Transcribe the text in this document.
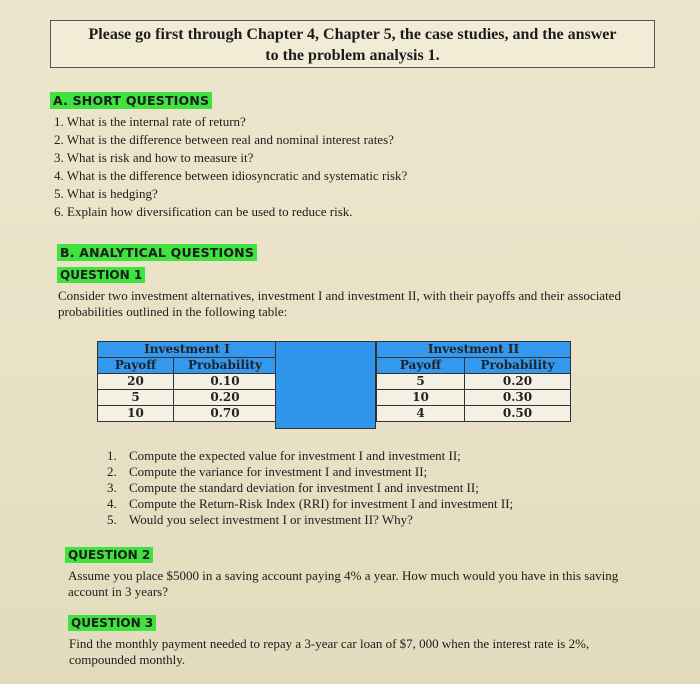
Please go first through Chapter 4, Chapter 5, the case studies, and the answer
to the problem analysis 1.
A. SHORT QUESTIONS
1. What is the internal rate of return?
2. What is the difference between real and nominal interest rates?
3. What is risk and how to measure it?
4. What is the difference between idiosyncratic and systematic risk?
5. What is hedging?
6. Explain how diversification can be used to reduce risk.
B. ANALYTICAL QUESTIONS
QUESTION 1
Consider two investment alternatives, investment I and investment II, with their payoffs and their associated probabilities outlined in the following table:
Investment I	
Payoff	Probability
20	0.10
5	0.20
10	0.70
Investment II	
Payoff	Probability
5	0.20
10	0.30
4	0.50
1. Compute the expected value for investment I and investment II;
2. Compute the variance for investment I and investment II;
3. Compute the standard deviation for investment I and investment II;
4. Compute the Return-Risk Index (RRI) for investment I and investment II;
5. Would you select investment I or investment II? Why?
QUESTION 2
Assume you place $5000 in a saving account paying 4% a year. How much would you have in this saving account in 3 years?
QUESTION 3
Find the monthly payment needed to repay a 3-year car loan of $7, 000 when the interest rate is 2%, compounded monthly.
